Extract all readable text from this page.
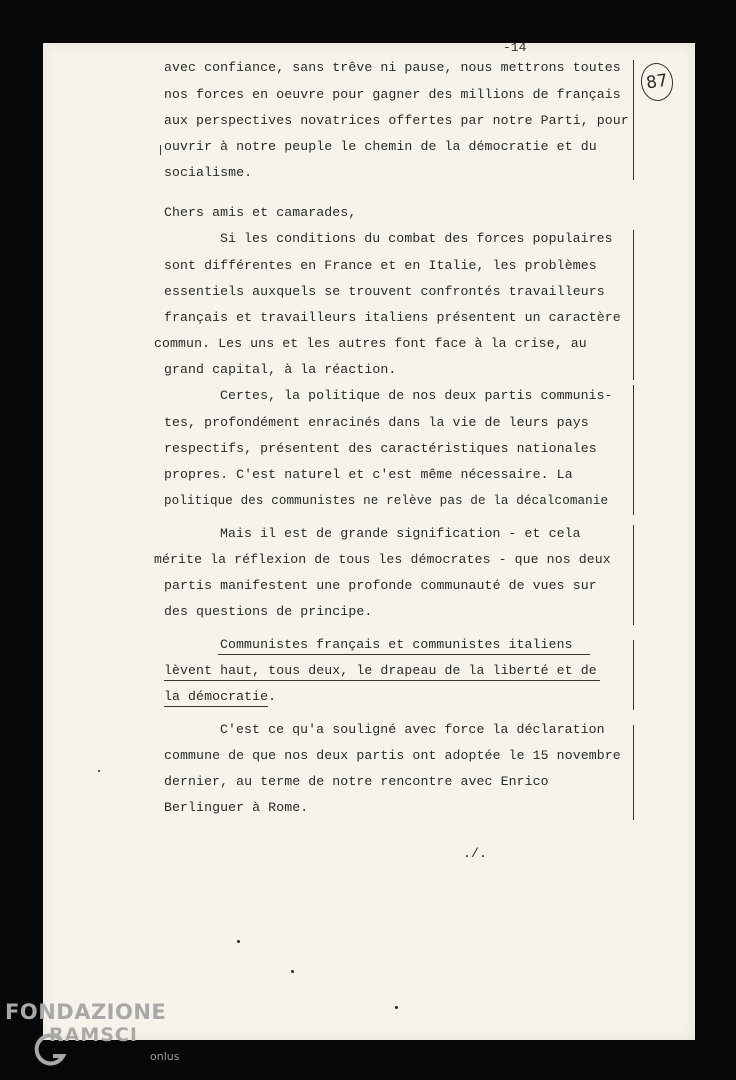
-14
87
avec confiance, sans trêve ni pause, nous mettrons toutes
nos forces en oeuvre pour gagner des millions de français
aux perspectives novatrices offertes par notre Parti, pour
ouvrir à notre peuple le chemin de la démocratie et du
socialisme.
Chers amis et camarades,
Si les conditions du combat des forces populaires
sont différentes en France et en Italie, les problèmes
essentiels auxquels se trouvent confrontés travailleurs
français et travailleurs italiens présentent un caractère
commun. Les uns et les autres font face à la crise, au
grand capital, à la réaction.
Certes, la politique de nos deux partis communis-
tes, profondément enracinés dans la vie de leurs pays
respectifs, présentent des caractéristiques nationales
propres. C'est naturel et c'est même nécessaire. La
politique des communistes ne relève pas de la décalcomanie
Mais il est de grande signification - et cela
mérite la réflexion de tous les démocrates - que nos deux
partis manifestent une profonde communauté de vues sur
des questions de principe.
Communistes français et communistes italiens
lèvent haut, tous deux, le drapeau de la liberté et de
la démocratie.
C'est ce qu'a souligné avec force la déclaration
commune de que nos deux partis ont adoptée le 15 novembre
dernier, au terme de notre rencontre avec Enrico
Berlinguer à Rome.
./.
FONDAZIONE
RAMSCI
onlus
